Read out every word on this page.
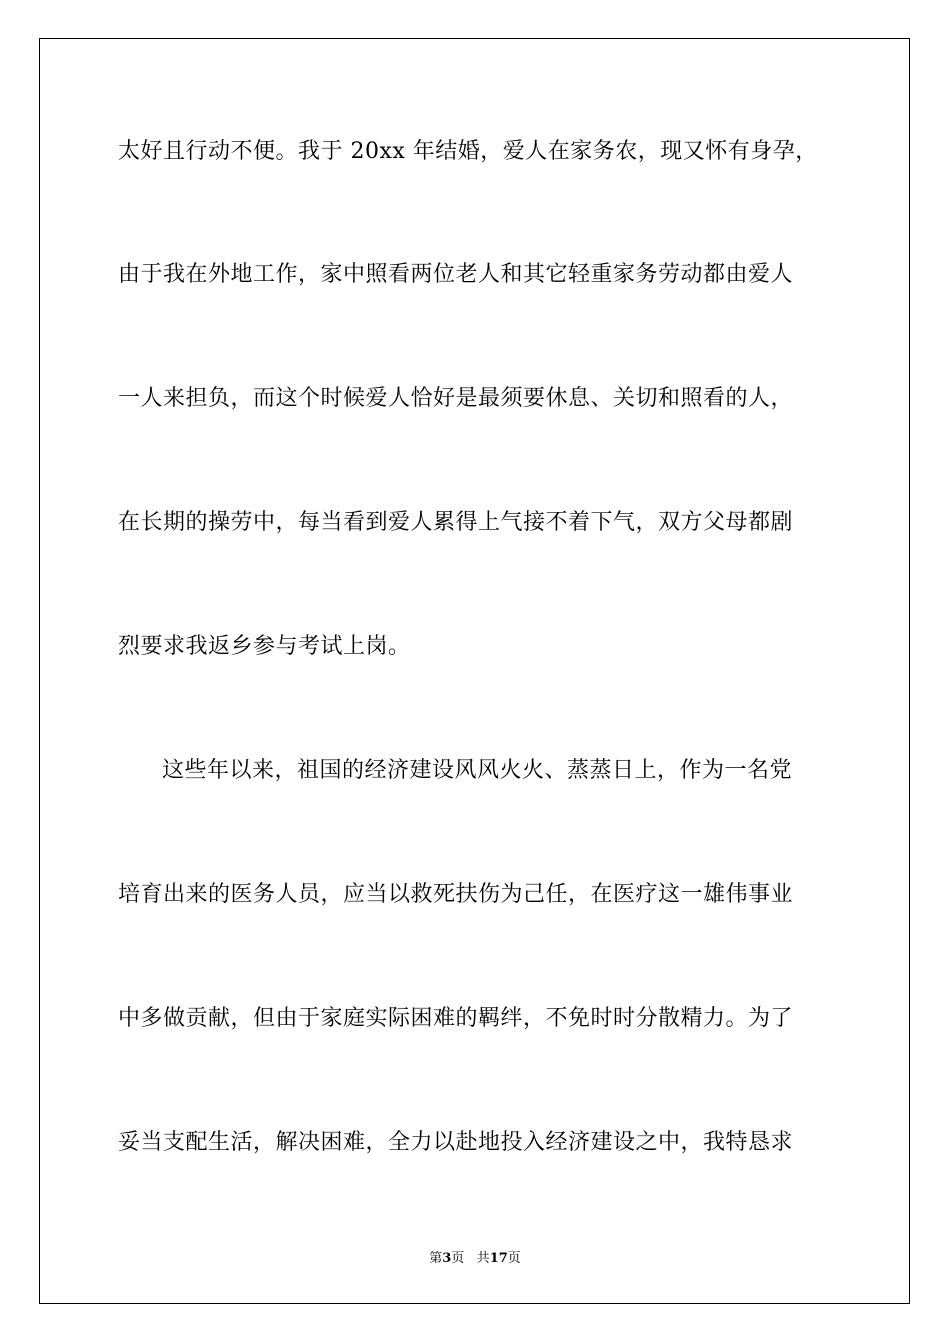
太好且行动不便。我于 20xx 年结婚，爱人在家务农，现又怀有身孕，

由于我在外地工作，家中照看两位老人和其它轻重家务劳动都由爱人

一人来担负，而这个时候爱人恰好是最须要休息、关切和照看的人，

在长期的操劳中，每当看到爱人累得上气接不着下气，双方父母都剧

烈要求我返乡参与考试上岗。

这些年以来，祖国的经济建设风风火火、蒸蒸日上，作为一名党

培育出来的医务人员，应当以救死扶伤为己任，在医疗这一雄伟事业

中多做贡献，但由于家庭实际困难的羁绊，不免时时分散精力。为了

妥当支配生活，解决困难，全力以赴地投入经济建设之中，我特恳求

第3页 共17页
